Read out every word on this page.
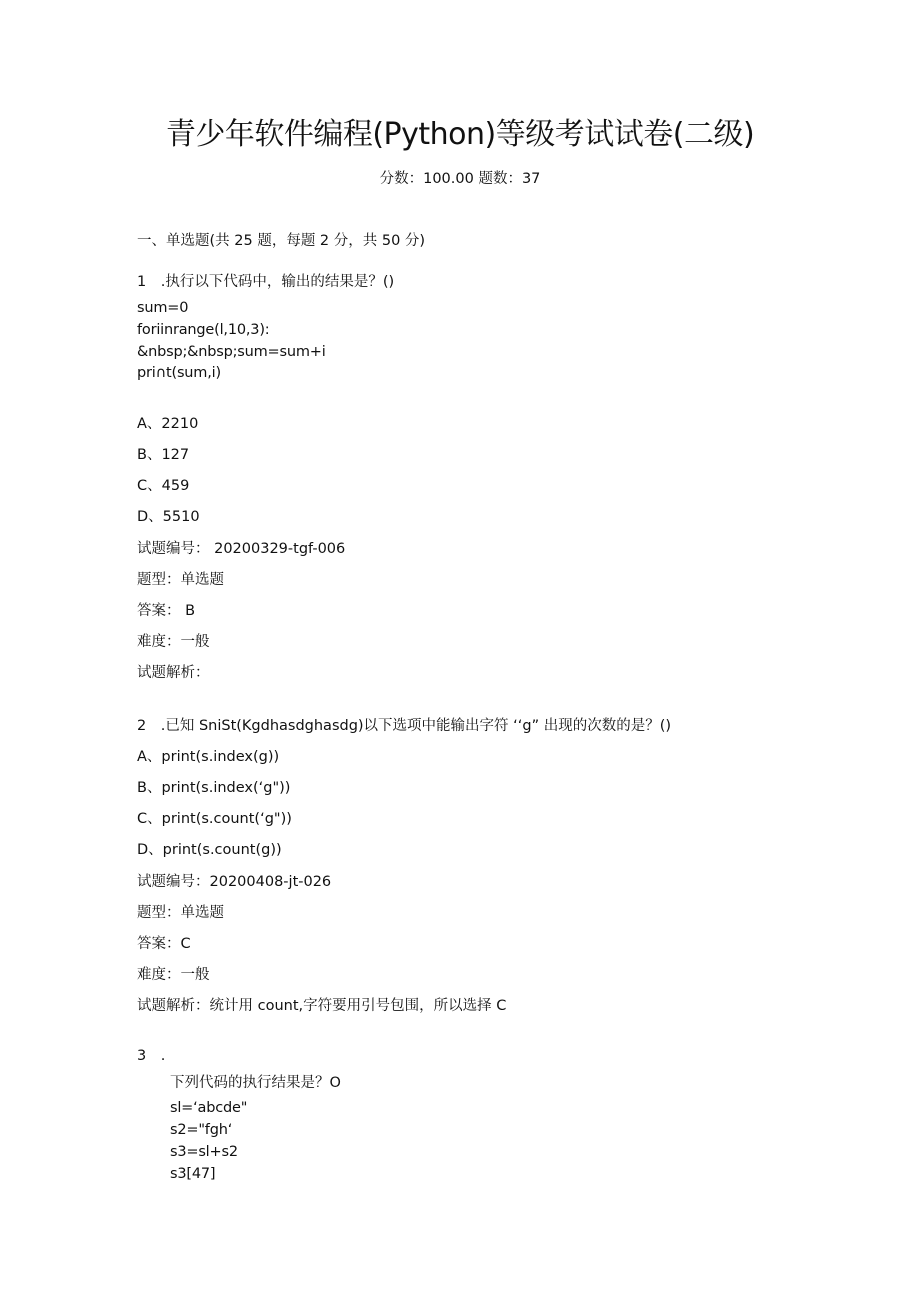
青少年软件编程(Python)等级考试试卷(二级)
分数：100.00 题数：37
一、单选题(共 25 题，每题 2 分，共 50 分)
1　.执行以下代码中，输出的结果是？()
sum=0
foriinrange(l,10,3):
&nbsp;&nbsp;sum=sum+i
pri∩t(sum,i)
A、2210
B、127
C、459
D、5510
试题编号： 20200329-tgf-006
题型：单选题
答案： B
难度：一般
试题解析：
2　.已知 SniSt(Kgdhasdghasdg)以下选项中能输出字符 ‘‘g” 出现的次数的是？()
A、print(s.index(g))
B、print(s.index(‘g"))
C、print(s.count(‘g"))
D、print(s.count(g))
试题编号：20200408-jt-026
题型：单选题
答案：C
难度：一般
试题解析：统计用 count,字符要用引号包围，所以选择 C
3　.
下列代码的执行结果是？O
sl=‘abcde"
s2="fgh‘
s3=sl+s2
s3[47]
